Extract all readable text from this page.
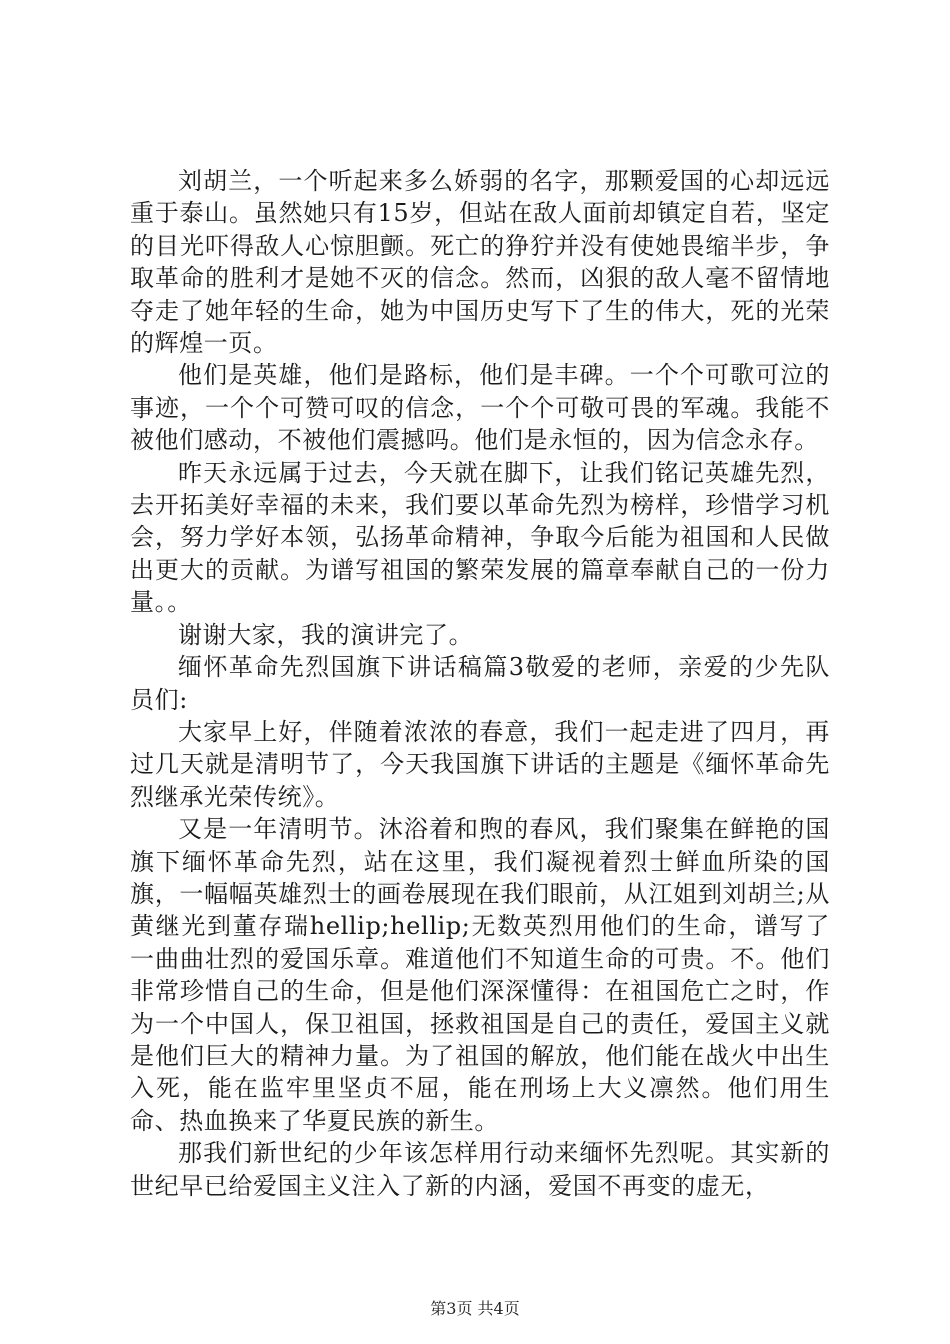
刘胡兰，一个听起来多么娇弱的名字，那颗爱国的心却远远重于泰山。虽然她只有15岁，但站在敌人面前却镇定自若，坚定的目光吓得敌人心惊胆颤。死亡的狰狞并没有使她畏缩半步，争取革命的胜利才是她不灭的信念。然而，凶狠的敌人毫不留情地夺走了她年轻的生命，她为中国历史写下了生的伟大，死的光荣的辉煌一页。

他们是英雄，他们是路标，他们是丰碑。一个个可歌可泣的事迹，一个个可赞可叹的信念，一个个可敬可畏的军魂。我能不被他们感动，不被他们震撼吗。他们是永恒的，因为信念永存。

昨天永远属于过去，今天就在脚下，让我们铭记英雄先烈，去开拓美好幸福的未来，我们要以革命先烈为榜样，珍惜学习机会，努力学好本领，弘扬革命精神，争取今后能为祖国和人民做出更大的贡献。为谱写祖国的繁荣发展的篇章奉献自己的一份力量。。

谢谢大家，我的演讲完了。

缅怀革命先烈国旗下讲话稿篇3敬爱的老师，亲爱的少先队员们:

大家早上好，伴随着浓浓的春意，我们一起走进了四月，再过几天就是清明节了，今天我国旗下讲话的主题是《缅怀革命先烈继承光荣传统》。

又是一年清明节。沐浴着和煦的春风，我们聚集在鲜艳的国旗下缅怀革命先烈，站在这里，我们凝视着烈士鲜血所染的国旗，一幅幅英雄烈士的画卷展现在我们眼前，从江姐到刘胡兰;从黄继光到董存瑞hellip;hellip;无数英烈用他们的生命，谱写了一曲曲壮烈的爱国乐章。难道他们不知道生命的可贵。不。他们非常珍惜自己的生命，但是他们深深懂得：在祖国危亡之时，作为一个中国人，保卫祖国，拯救祖国是自己的责任，爱国主义就是他们巨大的精神力量。为了祖国的解放，他们能在战火中出生入死，能在监牢里坚贞不屈，能在刑场上大义凛然。他们用生命、热血换来了华夏民族的新生。

那我们新世纪的少年该怎样用行动来缅怀先烈呢。其实新的世纪早已给爱国主义注入了新的内涵，爱国不再变的虚无，

第3页 共4页
